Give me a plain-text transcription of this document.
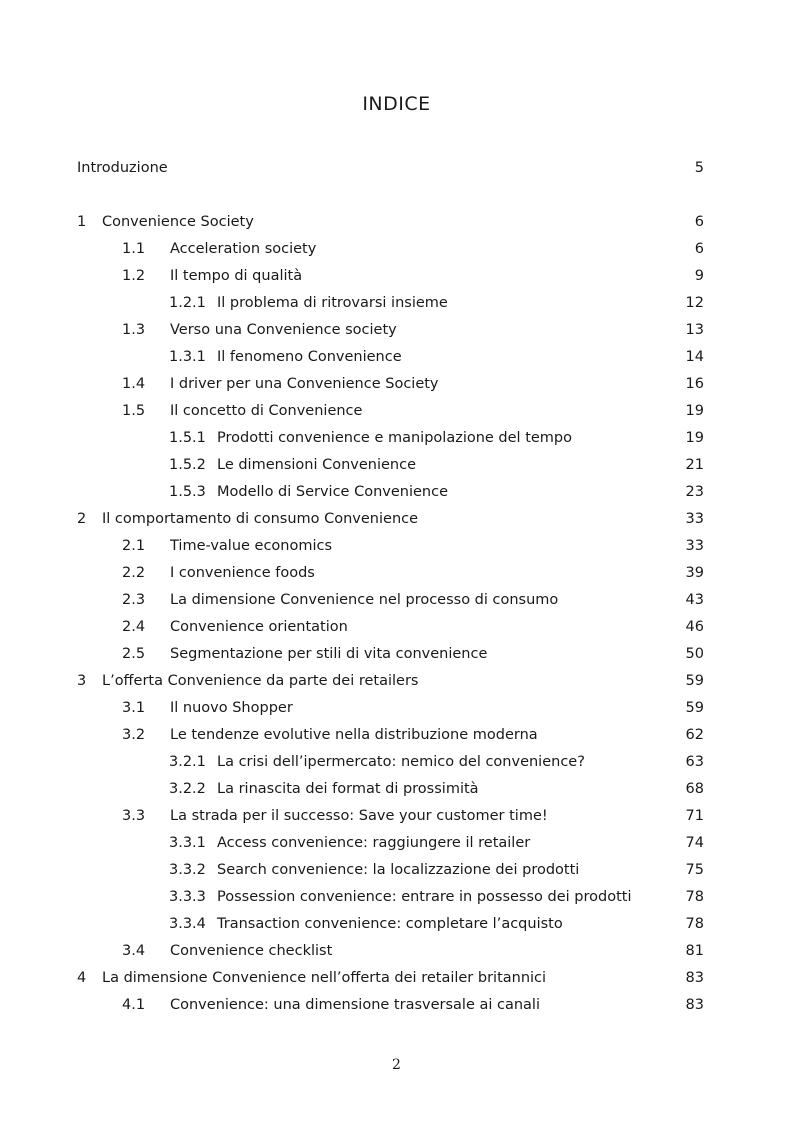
INDICE
Introduzione	5
1 Convenience Society	6
1.1 Acceleration society	6
1.2 Il tempo di qualità	9
1.2.1 Il problema di ritrovarsi insieme	12
1.3 Verso una Convenience society	13
1.3.1 Il fenomeno Convenience	14
1.4 I driver per una Convenience Society	16
1.5 Il concetto di Convenience	19
1.5.1 Prodotti convenience e manipolazione del tempo	19
1.5.2 Le dimensioni Convenience	21
1.5.3 Modello di Service Convenience	23
2 Il comportamento di consumo Convenience	33
2.1 Time-value economics	33
2.2 I convenience foods	39
2.3 La dimensione Convenience nel processo di consumo	43
2.4 Convenience orientation	46
2.5 Segmentazione per stili di vita convenience	50
3 L’offerta Convenience da parte dei retailers	59
3.1 Il nuovo Shopper	59
3.2 Le tendenze evolutive nella distribuzione moderna	62
3.2.1 La crisi dell’ipermercato: nemico del convenience?	63
3.2.2 La rinascita dei format di prossimità	68
3.3 La strada per il successo: Save your customer time!	71
3.3.1 Access convenience: raggiungere il retailer	74
3.3.2 Search convenience: la localizzazione dei prodotti	75
3.3.3 Possession convenience: entrare in possesso dei prodotti	78
3.3.4 Transaction convenience: completare l’acquisto	78
3.4 Convenience checklist	81
4 La dimensione Convenience nell’offerta dei retailer britannici	83
4.1 Convenience: una dimensione trasversale ai canali	83
2
